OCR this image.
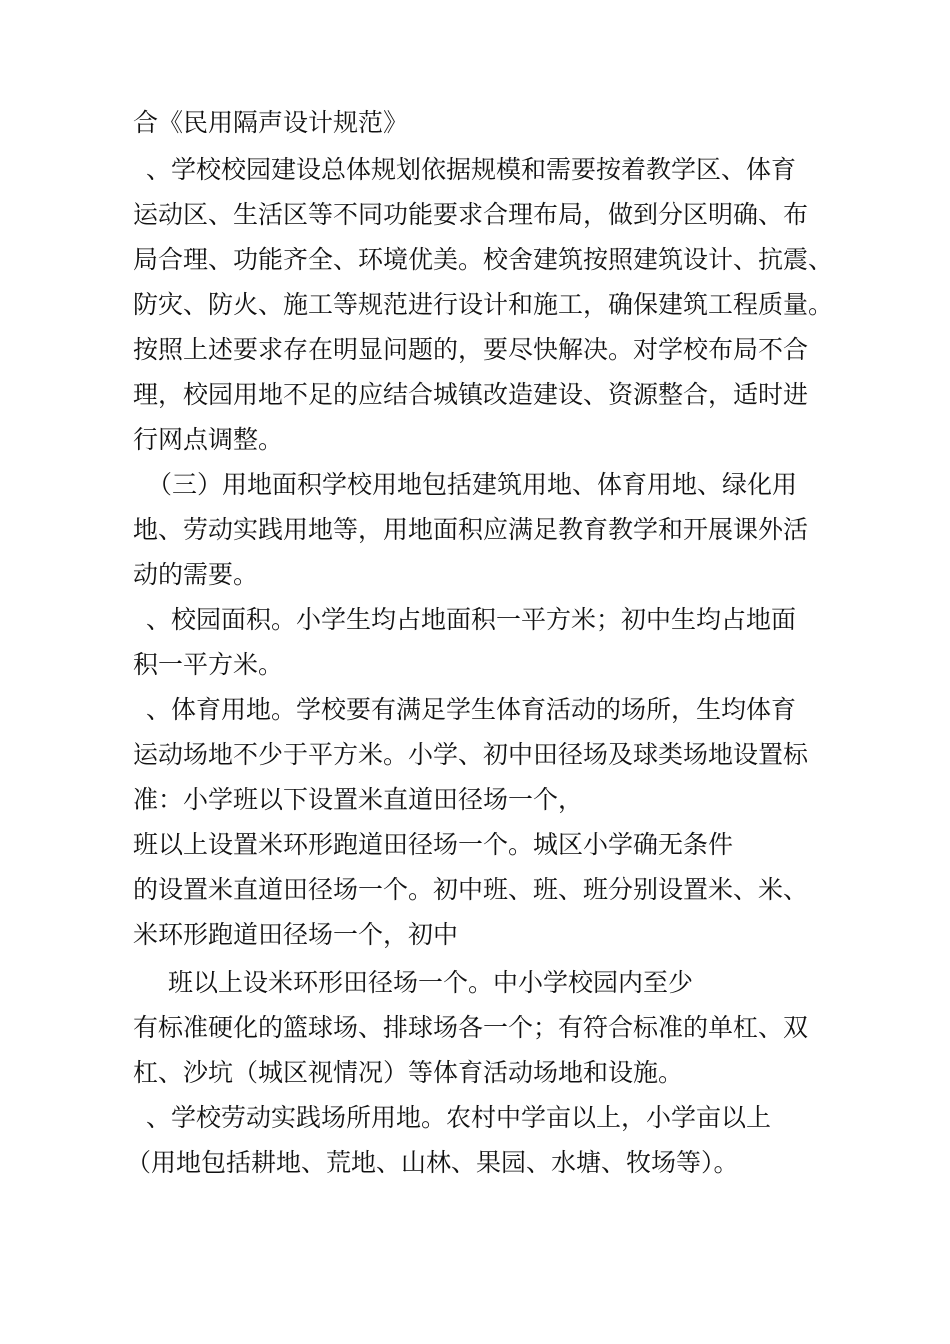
合《民用隔声设计规范》
、学校校园建设总体规划依据规模和需要按着教学区、体育
运动区、生活区等不同功能要求合理布局，做到分区明确、布
局合理、功能齐全、环境优美。校舍建筑按照建筑设计、抗震、
防灾、防火、施工等规范进行设计和施工，确保建筑工程质量。
按照上述要求存在明显问题的，要尽快解决。对学校布局不合
理，校园用地不足的应结合城镇改造建设、资源整合，适时进
行网点调整。
（三）用地面积学校用地包括建筑用地、体育用地、绿化用
地、劳动实践用地等，用地面积应满足教育教学和开展课外活
动的需要。
、校园面积。小学生均占地面积一平方米；初中生均占地面
积一平方米。
、体育用地。学校要有满足学生体育活动的场所，生均体育
运动场地不少于平方米。小学、初中田径场及球类场地设置标
准：小学班以下设置米直道田径场一个，
班以上设置米环形跑道田径场一个。城区小学确无条件
的设置米直道田径场一个。初中班、班、班分别设置米、米、
米环形跑道田径场一个，初中
班以上设米环形田径场一个。中小学校园内至少
有标准硬化的篮球场、排球场各一个；有符合标准的单杠、双
杠、沙坑（城区视情况）等体育活动场地和设施。
、学校劳动实践场所用地。农村中学亩以上，小学亩以上
（用地包括耕地、荒地、山林、果园、水塘、牧场等）。
